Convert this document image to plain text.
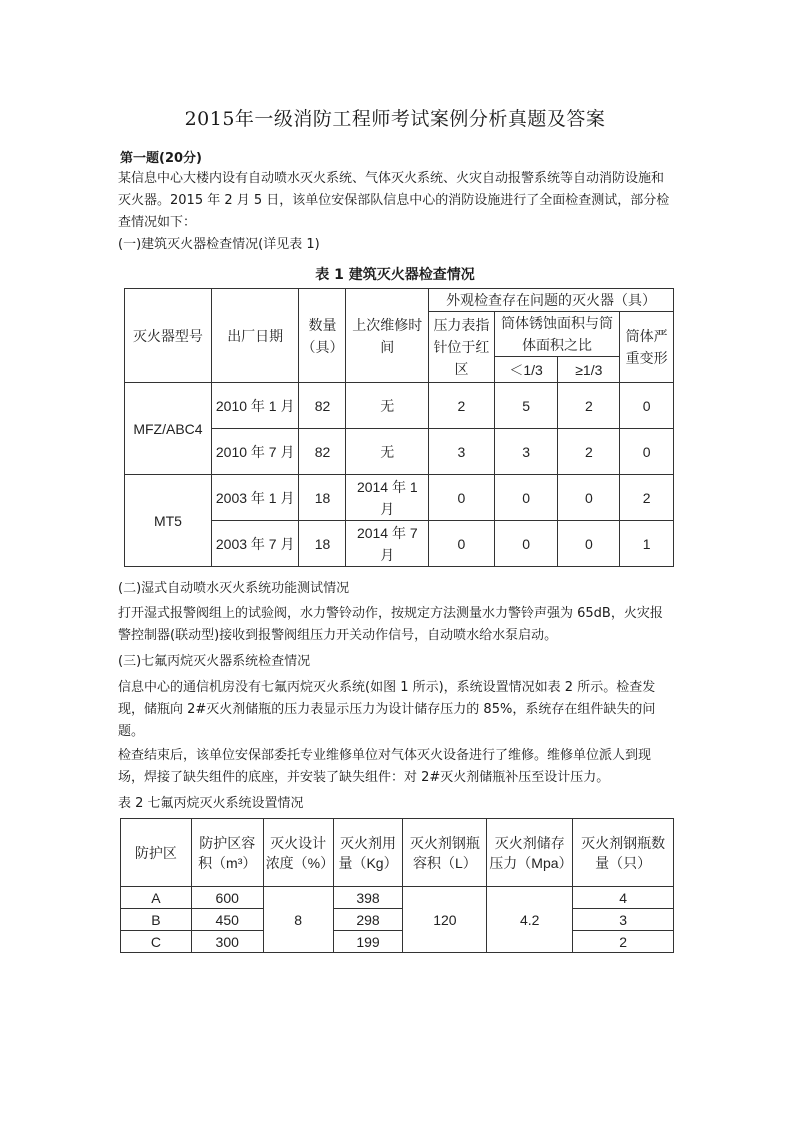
2015年一级消防工程师考试案例分析真题及答案
第一题(20分)
某信息中心大楼内设有自动喷水灭火系统、气体灭火系统、火灾自动报警系统等自动消防设施和灭火器。2015 年 2 月 5 日，该单位安保部队信息中心的消防设施进行了全面检查测试，部分检查情况如下：
(一)建筑灭火器检查情况(详见表 1)
表 1 建筑灭火器检查情况
灭火器型号	出厂日期	数量（具）	上次维修时间	外观检查存在问题的灭火器（具）			
				压力表指针位于红区	筒体锈蚀面积与筒体面积之比		筒体严重变形
					＜1/3	≥1/3	
MFZ/ABC4	2010 年 1 月	82	无	2	5	2	0
	2010 年 7 月	82	无	3	3	2	0
MT5	2003 年 1 月	18	2014 年 1 月	0	0	0	2
	2003 年 7 月	18	2014 年 7 月	0	0	0	1
(二)湿式自动喷水灭火系统功能测试情况
打开湿式报警阀组上的试验阀，水力警铃动作，按规定方法测量水力警铃声强为 65dB，火灾报警控制器(联动型)接收到报警阀组压力开关动作信号，自动喷水给水泵启动。
(三)七氟丙烷灭火器系统检查情况
信息中心的通信机房没有七氟丙烷灭火系统(如图 1 所示)，系统设置情况如表 2 所示。检查发现，储瓶向 2#灭火剂储瓶的压力表显示压力为设计储存压力的 85%，系统存在组件缺失的问题。
检查结束后，该单位安保部委托专业维修单位对气体灭火设备进行了维修。维修单位派人到现场，焊接了缺失组件的底座，并安装了缺失组件：对 2#灭火剂储瓶补压至设计压力。
表 2 七氟丙烷灭火系统设置情况
防护区	防护区容积（m³）	灭火设计浓度（%）	灭火剂用量（Kg）	灭火剂钢瓶容积（L）	灭火剂储存压力（Mpa）	灭火剂钢瓶数量（只）
A	600	8	398	120	4.2	4
B	450		298			3
C	300		199			2
